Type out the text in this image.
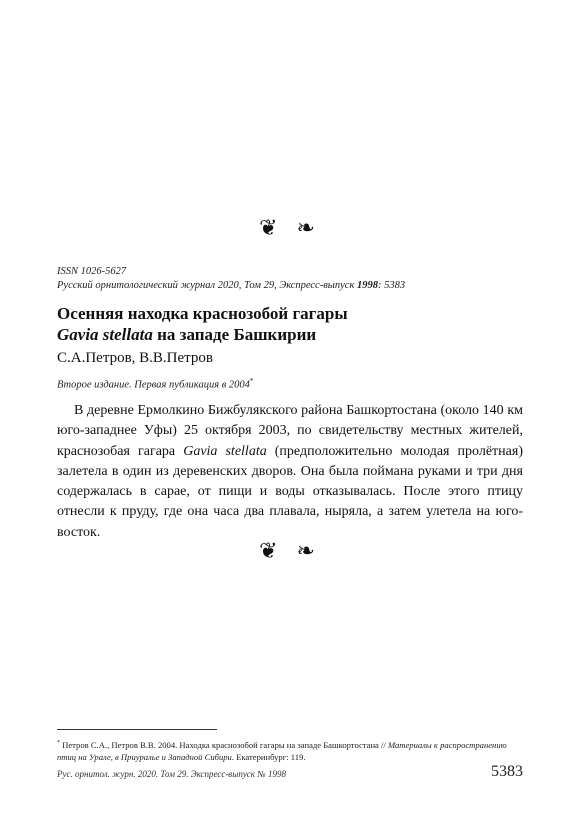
❦ ❧
ISSN 1026-5627
Русский орнитологический журнал 2020, Том 29, Экспресс-выпуск 1998: 5383
Осенняя находка краснозобой гагары
Gavia stellata на западе Башкирии
С.А.Петров, В.В.Петров
Второе издание. Первая публикация в 2004*
В деревне Ермолкино Бижбулякского района Башкортостана (около 140 км юго-западнее Уфы) 25 октября 2003, по свидетельству местных жителей, краснозобая гагара Gavia stellata (предположительно молодая пролётная) залетела в один из деревенских дворов. Она была поймана руками и три дня содержалась в сарае, от пищи и воды отказывалась. После этого птицу отнесли к пруду, где она часа два плавала, ныряла, а затем улетела на юго-восток.
❦ ❧
* Петров С.А., Петров В.В. 2004. Находка краснозобой гагары на западе Башкортостана // Материалы к распространению птиц на Урале, в Приуралье и Западной Сибири. Екатеринбург: 119.
Рус. орнитол. журн. 2020. Том 29. Экспресс-выпуск № 1998	5383
